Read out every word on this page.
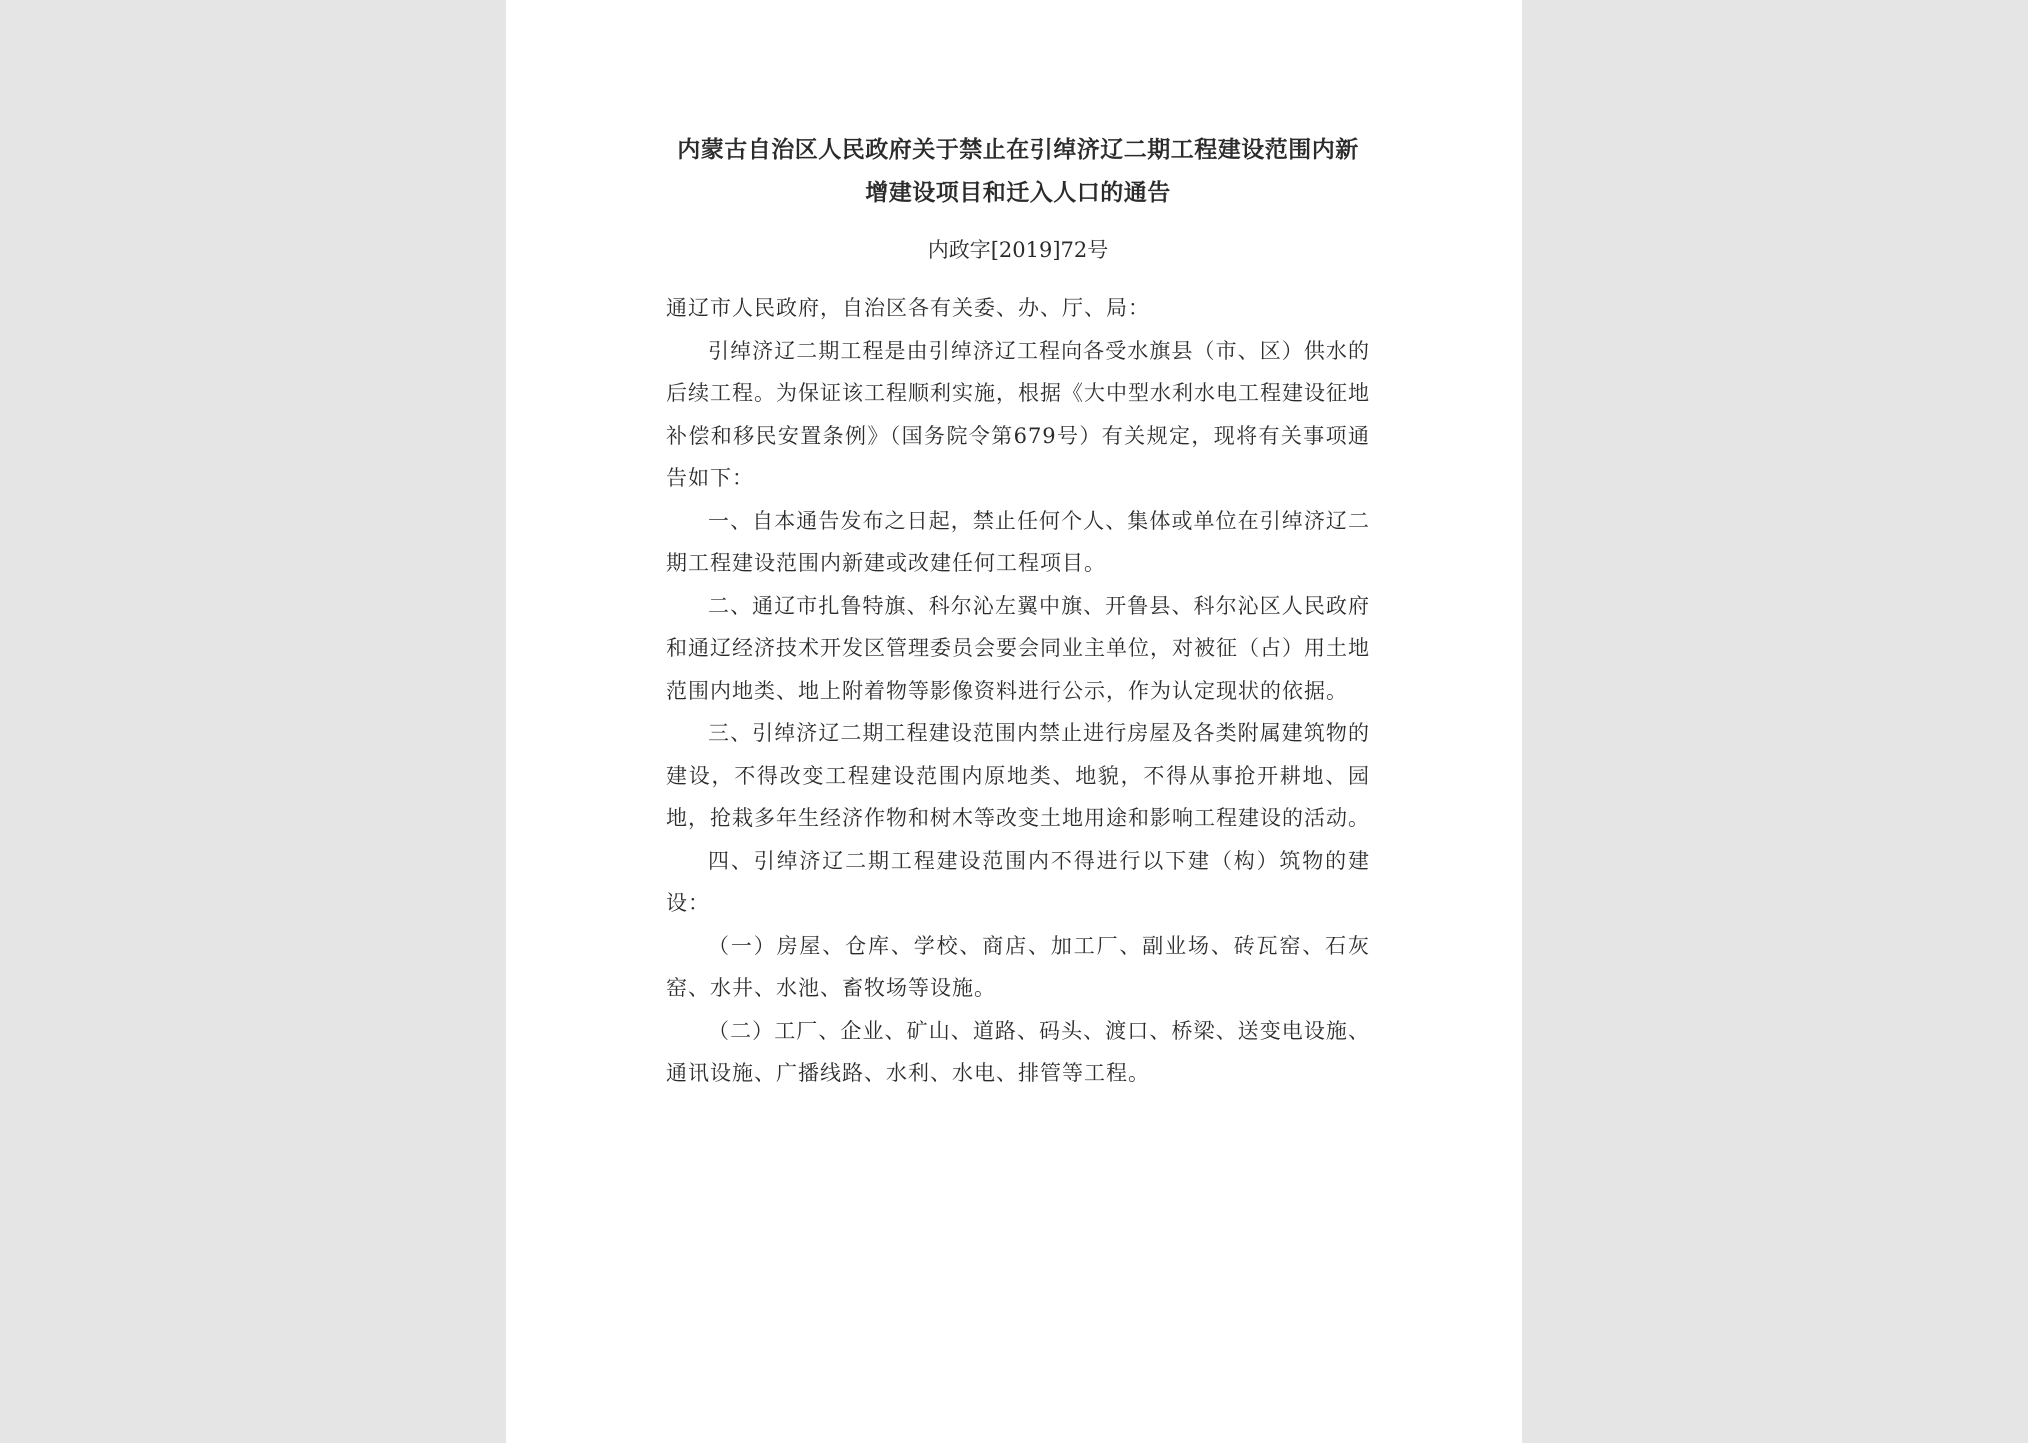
内蒙古自治区人民政府关于禁止在引绰济辽二期工程建设范围内新增建设项目和迁入人口的通告
内政字[2019]72号

通辽市人民政府，自治区各有关委、办、厅、局：

引绰济辽二期工程是由引绰济辽工程向各受水旗县（市、区）供水的后续工程。为保证该工程顺利实施，根据《大中型水利水电工程建设征地补偿和移民安置条例》（国务院令第679号）有关规定，现将有关事项通告如下：

一、自本通告发布之日起，禁止任何个人、集体或单位在引绰济辽二期工程建设范围内新建或改建任何工程项目。

二、通辽市扎鲁特旗、科尔沁左翼中旗、开鲁县、科尔沁区人民政府和通辽经济技术开发区管理委员会要会同业主单位，对被征（占）用土地范围内地类、地上附着物等影像资料进行公示，作为认定现状的依据。

三、引绰济辽二期工程建设范围内禁止进行房屋及各类附属建筑物的建设，不得改变工程建设范围内原地类、地貌，不得从事抢开耕地、园地，抢栽多年生经济作物和树木等改变土地用途和影响工程建设的活动。

四、引绰济辽二期工程建设范围内不得进行以下建（构）筑物的建设：

（一）房屋、仓库、学校、商店、加工厂、副业场、砖瓦窑、石灰窑、水井、水池、畜牧场等设施。

（二）工厂、企业、矿山、道路、码头、渡口、桥梁、送变电设施、通讯设施、广播线路、水利、水电、排管等工程。
